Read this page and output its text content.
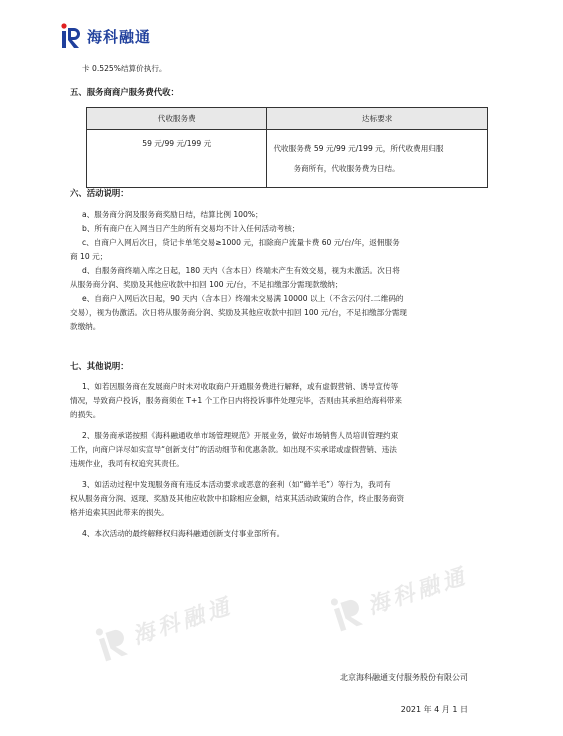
海科融通
卡 0.525%结算价执行。
五、服务商商户服务费代收：
代收服务费	达标要求
59 元/99 元/199 元	代收服务费 59 元/99 元/199 元，所代收费用归服
务商所有，代收服务费为日结。
六、活动说明：
a、服务商分润及服务商奖励日结，结算比例 100%；
b、所有商户在入网当日产生的所有交易均不计入任何活动考核；
c、自商户入网后次日，贷记卡单笔交易≥1000 元，扣除商户流量卡费 60 元/台/年，返佣服务
商 10 元；
d、自服务商终端入库之日起，180 天内（含本日）终端未产生有效交易，视为未激活。次日将
从服务商分润、奖励及其他应收款中扣回 100 元/台，不足扣缴部分需现款缴纳；
e、自商户入网后次日起，90 天内（含本日）终端未交易满 10000 以上（不含云闪付.二维码的
交易），视为伪激活。次日将从服务商分润、奖励及其他应收款中扣回 100 元/台，不足扣缴部分需现
款缴纳。
七、其他说明：
1、如若因服务商在发展商户时未对收取商户开通服务费进行解释，或有虚假营销、诱导宣传等
情况，导致商户投诉，服务商须在 T+1 个工作日内将投诉事件处理完毕，否则由其承担给海科带来
的损失。
2、服务商承诺按照《海科融通收单市场管理规范》开展业务，做好市场销售人员培训管理约束
工作，向商户详尽如实宣导“创新支付”的活动细节和优惠条款。如出现不实承诺或虚假营销、违法
违规作业，我司有权追究其责任。
3、如活动过程中发现服务商有违反本活动要求或恶意的套利（如“薅羊毛”）等行为，我司有
权从服务商分润、返现、奖励及其他应收款中扣除相应金额，结束其活动政策的合作，终止服务商资
格并追索其因此带来的损失。
4、本次活动的最终解释权归海科融通创新支付事业部所有。
海科融通
海科融通
北京海科融通支付服务股份有限公司
2021 年 4 月 1 日
